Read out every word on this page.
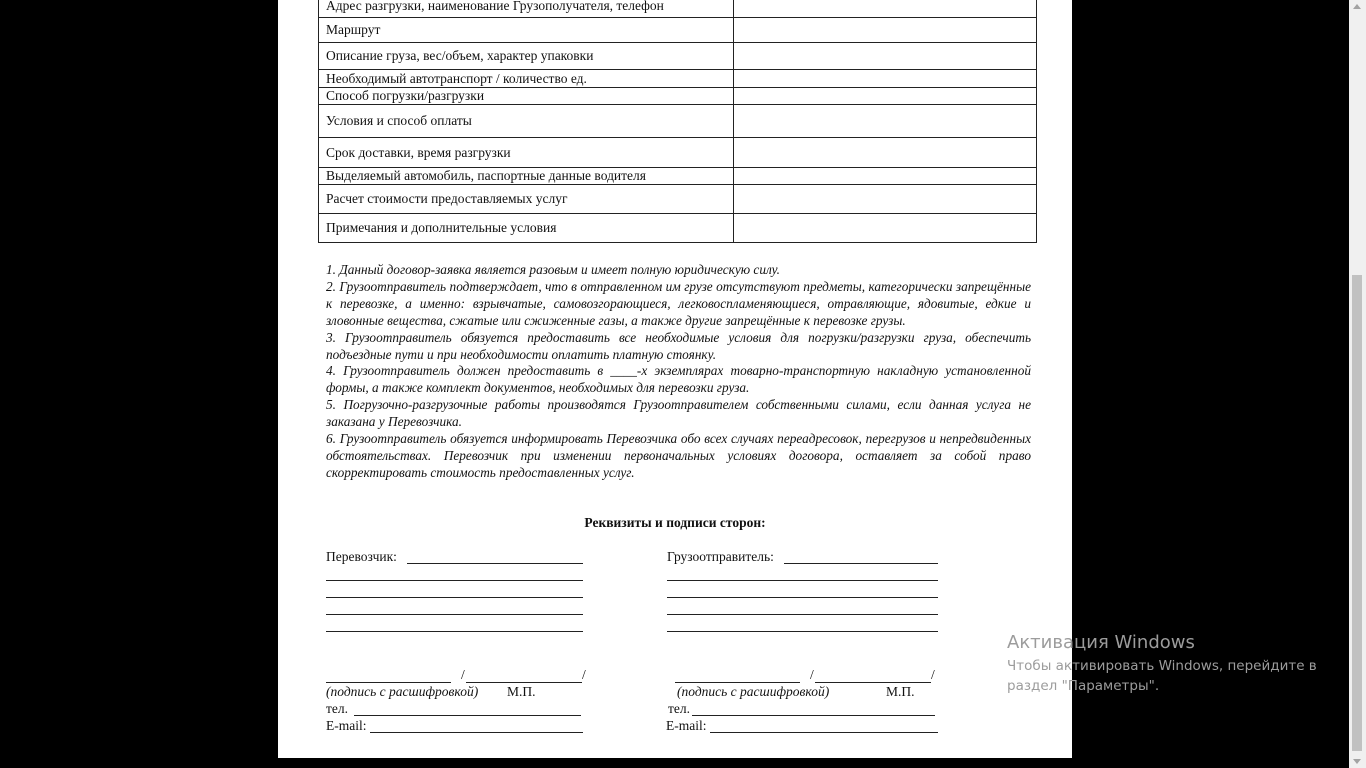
Адрес разгрузки, наименование Грузополучателя, телефон	
Маршрут	
Описание груза, вес/объем, характер упаковки	
Необходимый автотранспорт / количество ед.	
Способ погрузки/разгрузки	
Условия и способ оплаты	
Срок доставки, время разгрузки	
Выделяемый автомобиль, паспортные данные водителя	
Расчет стоимости предоставляемых услуг	
Примечания и дополнительные условия	

1. Данный договор-заявка является разовым и имеет полную юридическую силу.

2. Грузоотправитель подтверждает, что в отправленном им грузе отсутствуют предметы, категорически запрещённые к перевозке, а именно: взрывчатые, самовозгорающиеся, легковоспламеняющиеся, отравляющие, ядовитые, едкие и зловонные вещества, сжатые или сжиженные газы, а также другие запрещённые к перевозке грузы.

3. Грузоотправитель обязуется предоставить все необходимые условия для погрузки/разгрузки груза, обеспечить подъездные пути и при необходимости оплатить платную стоянку.

4. Грузоотправитель должен предоставить в ____-х экземплярах товарно-транспортную накладную установленной формы, а также комплект документов, необходимых для перевозки груза.

5. Погрузочно-разгрузочные работы производятся Грузоотправителем собственными силами, если данная услуга не заказана у Перевозчика.

6. Грузоотправитель обязуется информировать Перевозчика обо всех случаях переадресовок, перегрузов и непредвиденных обстоятельствах. Перевозчик при изменении первоначальных условиях договора, оставляет за собой право скорректировать стоимость предоставленных услуг.

Реквизиты и подписи сторон:
Перевозчик:
/	/
(подпись с расшифровкой) М.П.
тел.
E-mail:
Грузоотправитель:
/	/
(подпись с расшифровкой)	М.П.
тел.
E-mail:
Активация Windows
Чтобы активировать Windows, перейдите в раздел "Параметры".
